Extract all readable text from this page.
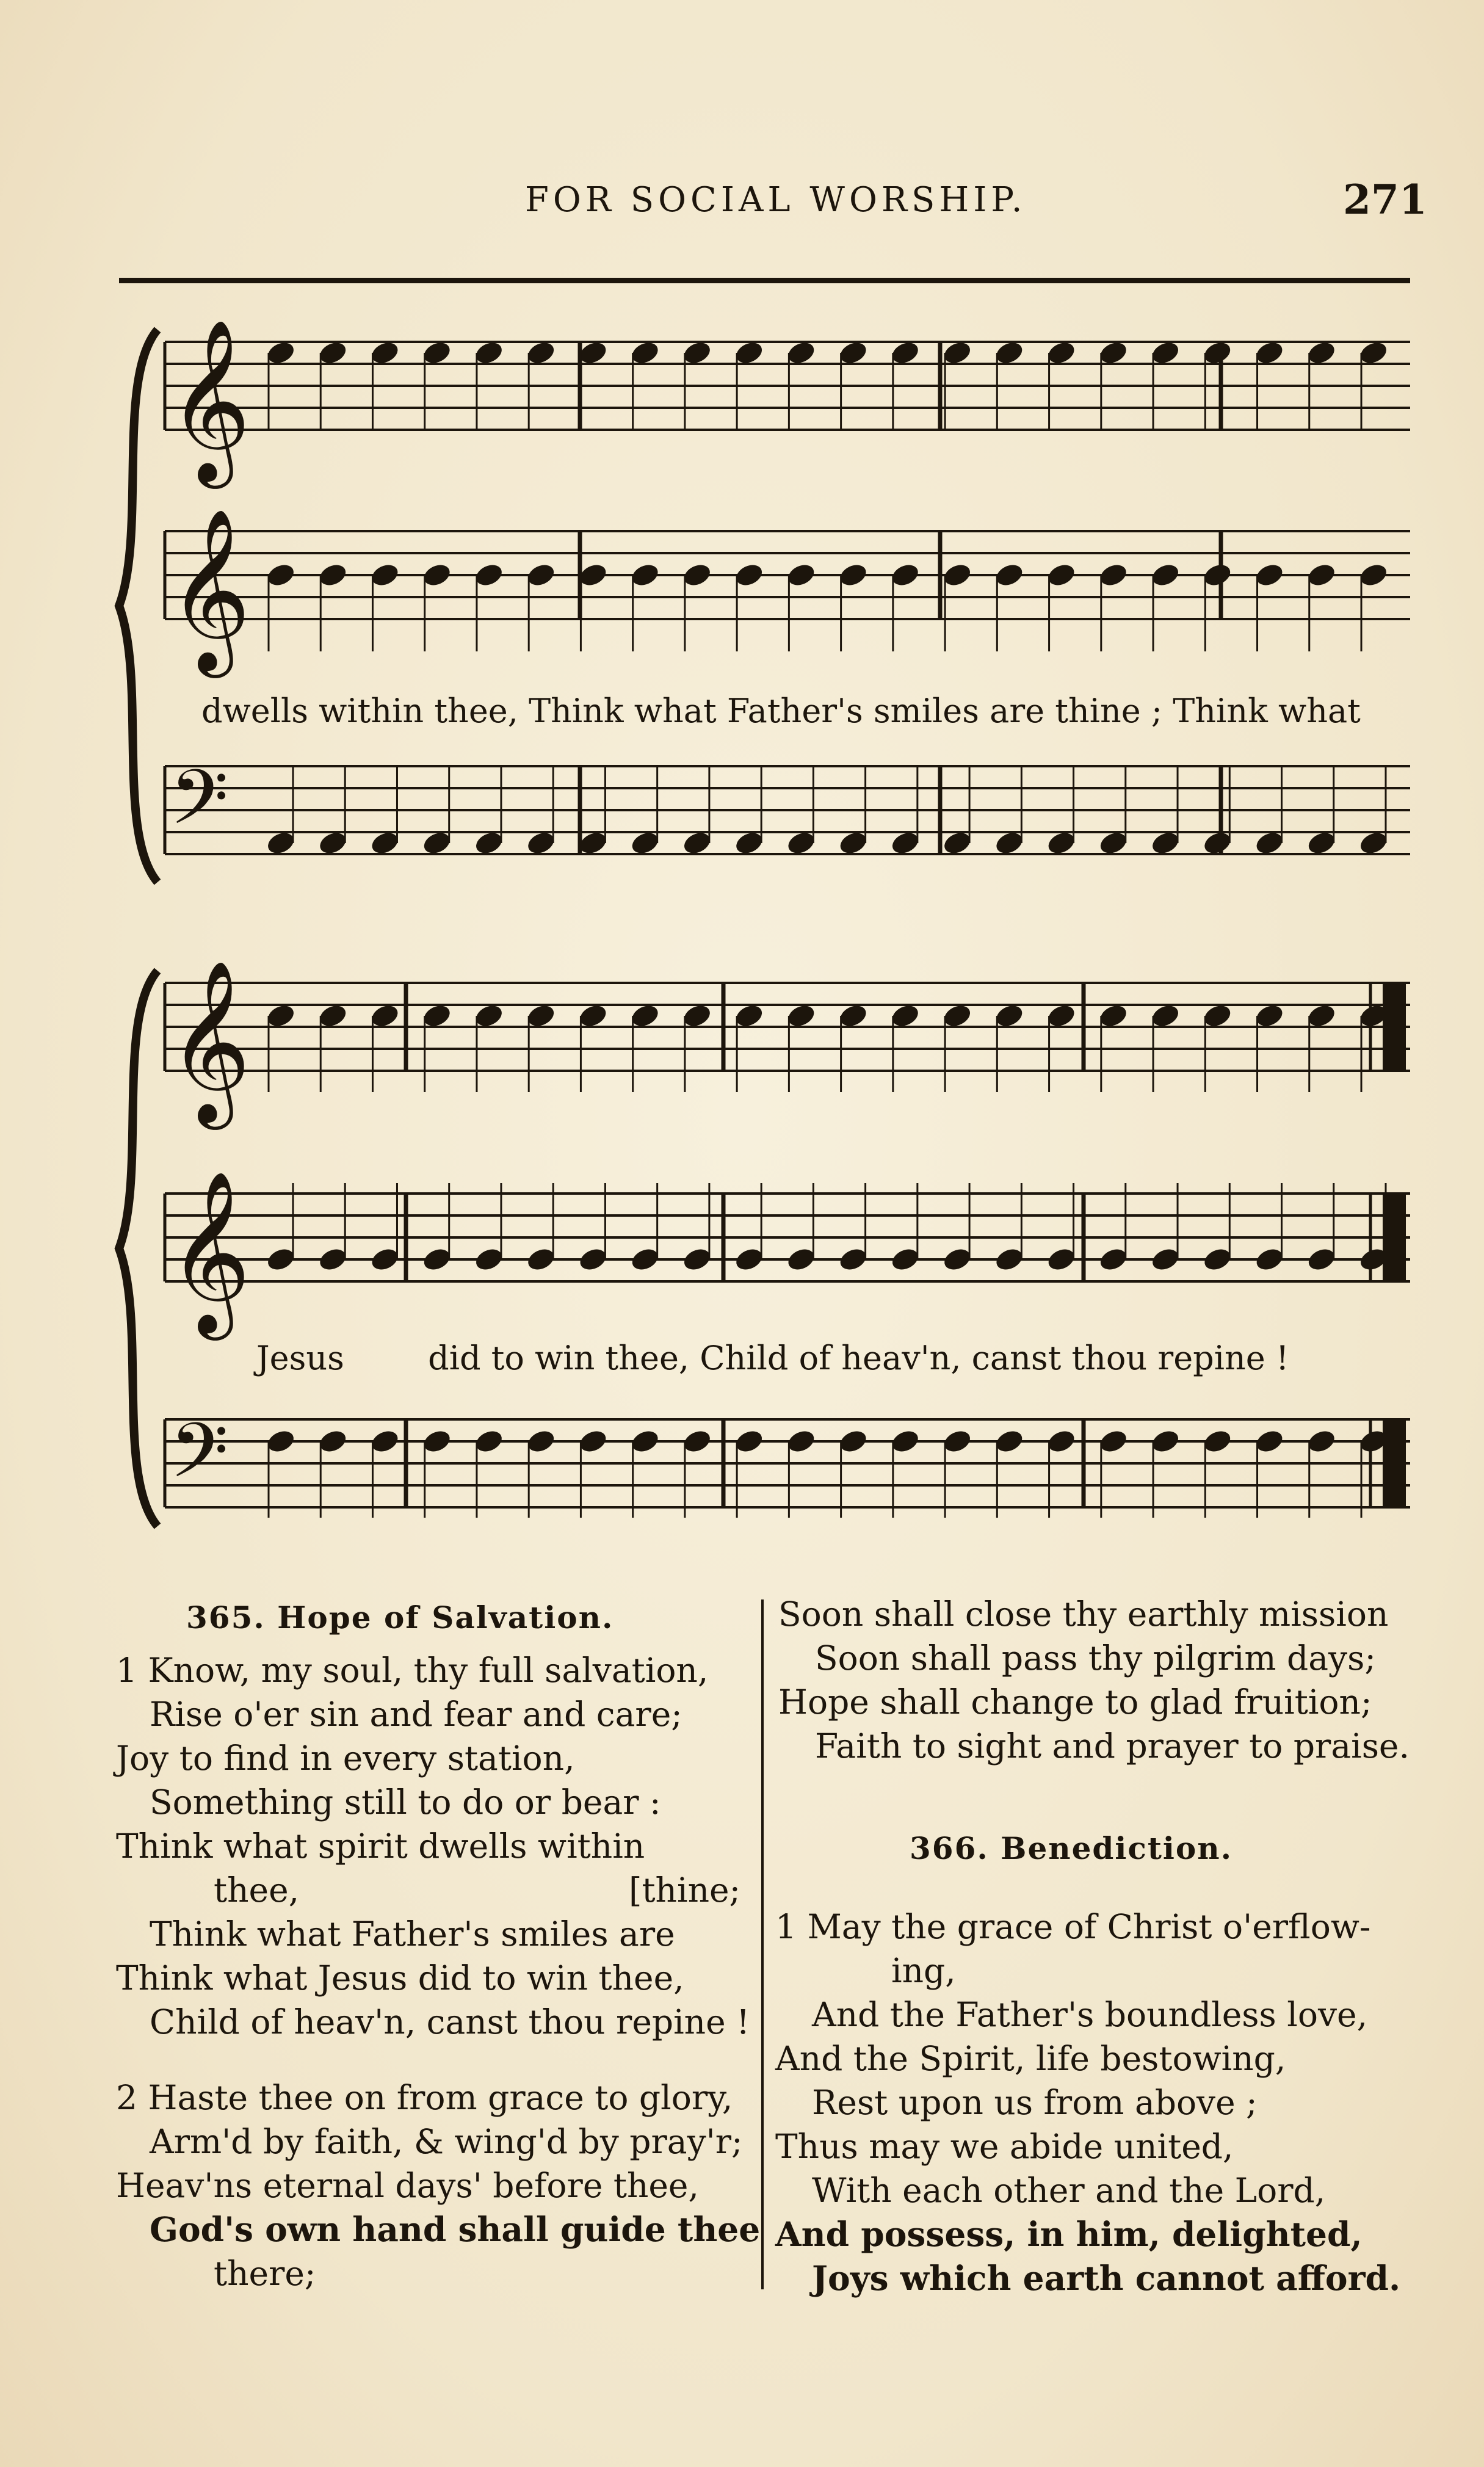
FOR SOCIAL WORSHIP.	271
𝄞
𝄞
𝄢
𝄞
𝄞
𝄢
dwells within thee, Think what Father's smiles are thine ; Think what
Jesus        did to win thee, Child of heav'n, canst thou repine !
365. Hope of Salvation.
1 Know, my soul, thy full salvation,
Rise o'er sin and fear and care;
Joy to find in every station,
Something still to do or bear :
Think what spirit dwells within
thee,	[thine;
Think what Father's smiles are
Think what Jesus did to win thee,
Child of heav'n, canst thou repine !
2 Haste thee on from grace to glory,
Arm'd by faith, & wing'd by pray'r;
Heav'ns eternal days' before thee,
God's own hand shall guide thee
there;
Soon shall close thy earthly mission
Soon shall pass thy pilgrim days;
Hope shall change to glad fruition;
Faith to sight and prayer to praise.
366. Benediction.
1 May the grace of Christ o'erflow-
ing,
And the Father's boundless love,
And the Spirit, life bestowing,
Rest upon us from above ;
Thus may we abide united,
With each other and the Lord,
And possess, in him, delighted,
Joys which earth cannot afford.
